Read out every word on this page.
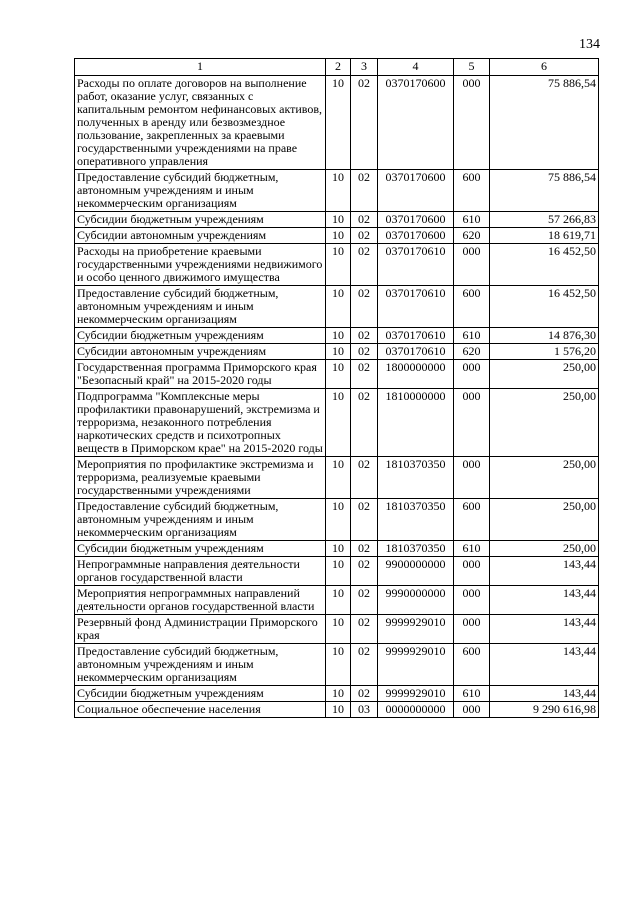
134
1	2	3	4	5	6
Расходы по оплате договоров на выполнение работ, оказание услуг, связанных с капитальным ремонтом нефинансовых активов, полученных в аренду или безвозмездное пользование, закрепленных за краевыми государственными учреждениями на праве оперативного управления	10	02	0370170600	000	75 886,54
Предоставление субсидий бюджетным, автономным учреждениям и иным некоммерческим организациям	10	02	0370170600	600	75 886,54
Субсидии бюджетным учреждениям	10	02	0370170600	610	57 266,83
Субсидии автономным учреждениям	10	02	0370170600	620	18 619,71
Расходы на приобретение краевыми государственными учреждениями недвижимого и особо ценного движимого имущества	10	02	0370170610	000	16 452,50
Предоставление субсидий бюджетным, автономным учреждениям и иным некоммерческим организациям	10	02	0370170610	600	16 452,50
Субсидии бюджетным учреждениям	10	02	0370170610	610	14 876,30
Субсидии автономным учреждениям	10	02	0370170610	620	1 576,20
Государственная программа Приморского края "Безопасный край" на 2015-2020 годы	10	02	1800000000	000	250,00
Подпрограмма "Комплексные меры профилактики правонарушений, экстремизма и терроризма, незаконного потребления наркотических средств и психотропных веществ в Приморском крае" на 2015-2020 годы	10	02	1810000000	000	250,00
Мероприятия по профилактике экстремизма и терроризма, реализуемые краевыми государственными учреждениями	10	02	1810370350	000	250,00
Предоставление субсидий бюджетным, автономным учреждениям и иным некоммерческим организациям	10	02	1810370350	600	250,00
Субсидии бюджетным учреждениям	10	02	1810370350	610	250,00
Непрограммные направления деятельности органов государственной власти	10	02	9900000000	000	143,44
Мероприятия непрограммных направлений деятельности органов государственной власти	10	02	9990000000	000	143,44
Резервный фонд Администрации Приморского края	10	02	9999929010	000	143,44
Предоставление субсидий бюджетным, автономным учреждениям и иным некоммерческим организациям	10	02	9999929010	600	143,44
Субсидии бюджетным учреждениям	10	02	9999929010	610	143,44
Социальное обеспечение населения	10	03	0000000000	000	9 290 616,98
